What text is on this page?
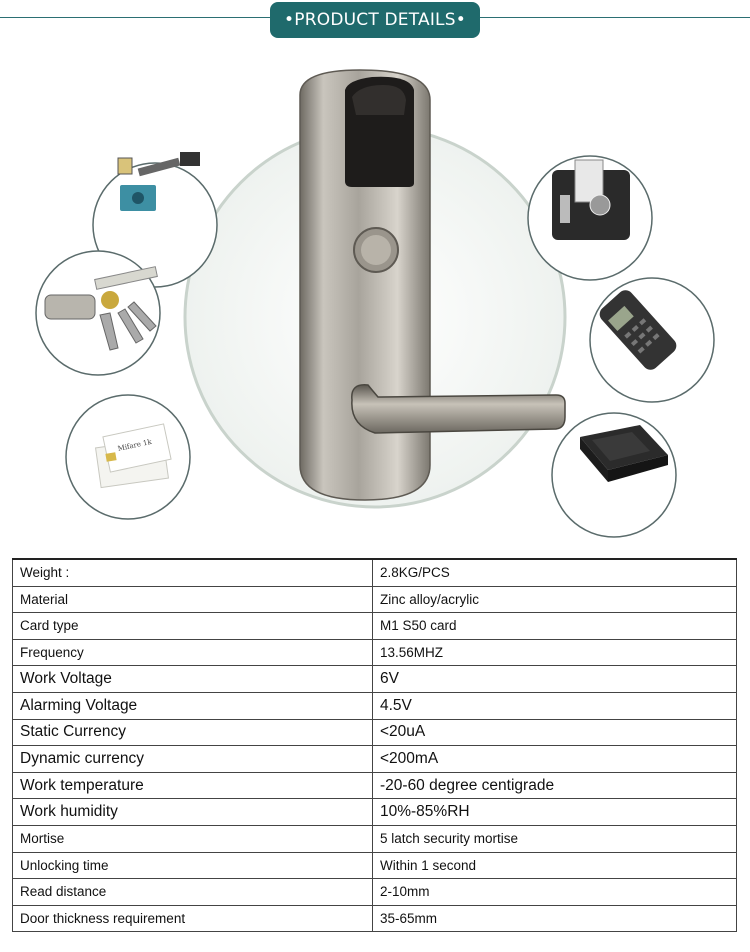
•PRODUCT DETAILS•
Mifare 1k
Weight :	2.8KG/PCS
Material	Zinc alloy/acrylic
Card type	M1 S50 card
Frequency	13.56MHZ
Work Voltage	6V
Alarming Voltage	4.5V
Static Currency	<20uA
Dynamic currency	<200mA
Work temperature	-20-60 degree centigrade
Work humidity	10%-85%RH
Mortise	5 latch security mortise
Unlocking time	Within 1 second
Read distance	2-10mm
Door thickness requirement	35-65mm
